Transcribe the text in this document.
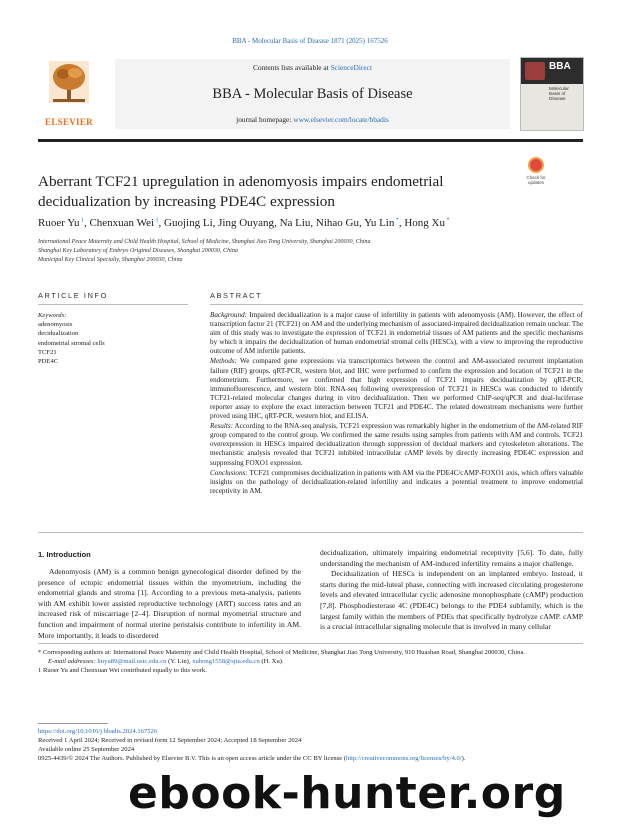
BBA - Molecular Basis of Disease 1871 (2025) 167526
ELSEVIER
Contents lists available at ScienceDirect
BBA - Molecular Basis of Disease
journal homepage: www.elsevier.com/locate/bbadis
BBA
Molecular Basis of Disease
Aberrant TCF21 upregulation in adenomyosis impairs endometrial decidualization by increasing PDE4C expression
Check for updates
Ruoer Yu $^1$, Chenxuan Wei $^1$, Guojing Li, Jing Ouyang, Na Liu, Nihao Gu, Yu Lin *, Hong Xu *
International Peace Maternity and Child Health Hospital, School of Medicine, Shanghai Jiao Tong University, Shanghai 200030, China
Shanghai Key Laboratory of Embryo Original Diseases, Shanghai 200030, China
Municipal Key Clinical Specialty, Shanghai 200030, China
ARTICLE INFO	ABSTRACT
Keywords:
adenomyosis
decidualization
endometrial stromal cells
TCF21
PDE4C

Background: Impaired decidualization is a major cause of infertility in patients with adenomyosis (AM). However, the effect of transcription factor 21 (TCF21) on AM and the underlying mechanism of associated-impaired decidualization remain unclear. The aim of this study was to investigate the expression of TCF21 in endometrial tissues of AM patients and the specific mechanisms by which it impairs the decidualization of human endometrial stromal cells (HESCs), with a view to improving the reproductive outcome of AM infertile patients.

Methods: We compared gene expressions via transcriptomics between the control and AM-associated recurrent implantation failure (RIF) groups. qRT-PCR, western blot, and IHC were performed to confirm the expression and location of TCF21 in the endometrium. Furthermore, we confirmed that high expression of TCF21 impairs decidualization by qRT-PCR, immunofluorescence, and western blot. RNA-seq following overexpression of TCF21 in HESCs was conducted to identify TCF21-related molecular changes during in vitro decidualization. Then we performed ChIP-seq/qPCR and dual-luciferase reporter assay to explore the exact interaction between TCF21 and PDE4C. The related downstream mechanisms were further proved using IHC, qRT-PCR, western blot, and ELISA.

Results: According to the RNA-seq analysis, TCF21 expression was remarkably higher in the endometrium of the AM-related RIF group compared to the control group. We confirmed the same results using samples from patients with AM and controls. TCF21 overexpression in HESCs impaired decidualization through suppression of decidual markers and cytoskeleton alterations. The mechanistic analysis revealed that TCF21 inhibited intracellular cAMP levels by directly increasing PDE4C expression and suppressing FOXO1 expression.

Conclusions: TCF21 compromises decidualization in patients with AM via the PDE4C/cAMP-FOXO1 axis, which offers valuable insights on the pathology of decidualization-related infertility and indicates a potential treatment to improve endometrial receptivity in AM.

1. Introduction

Adenomyosis (AM) is a common benign gynecological disorder defined by the presence of ectopic endometrial tissues within the myometrium, including the endometrial glands and stroma [1]. According to a previous meta-analysis, patients with AM exhibit lower assisted reproductive technology (ART) success rates and an increased risk of miscarriage [2–4]. Disruption of normal myometrial structure and function and impairment of normal uterine peristalsis contribute to infertility in AM. More importantly, it leads to disordered

decidualization, ultimately impairing endometrial receptivity [5,6]. To date, fully understanding the mechanism of AM-induced infertility remains a major challenge.

Decidualization of HESCs is independent on an implanted embryo. Instead, it starts during the mid-luteal phase, connecting with increased circulating progesterone levels and elevated intracellular cyclic adenosine monophosphate (cAMP) production [7,8]. Phosphodiesterase 4C (PDE4C) belongs to the PDE4 subfamily, which is the largest family within the members of PDEs that specifically hydrolyze cAMP. cAMP is a crucial intracellular signaling molecule that is involved in many cellular

* Corresponding authors at: International Peace Maternity and Child Health Hospital, School of Medicine, Shanghai Jiao Tong University, 910 Huashan Road, Shanghai 200030, China.

E-mail addresses: linyu89@mail.ustc.edu.cn (Y. Lin), xuhong1558@sjtu.edu.cn (H. Xu).

1 Ruoer Yu and Chenxuan Wei contributed equally to this work.

https://doi.org/10.1016/j.bbadis.2024.167526

Received 1 April 2024; Received in revised form 12 September 2024; Accepted 18 September 2024

Available online 25 September 2024

0925-4439/© 2024 The Authors. Published by Elsevier B.V. This is an open access article under the CC BY license (http://creativecommons.org/licenses/by/4.0/).

ebook-hunter.org
